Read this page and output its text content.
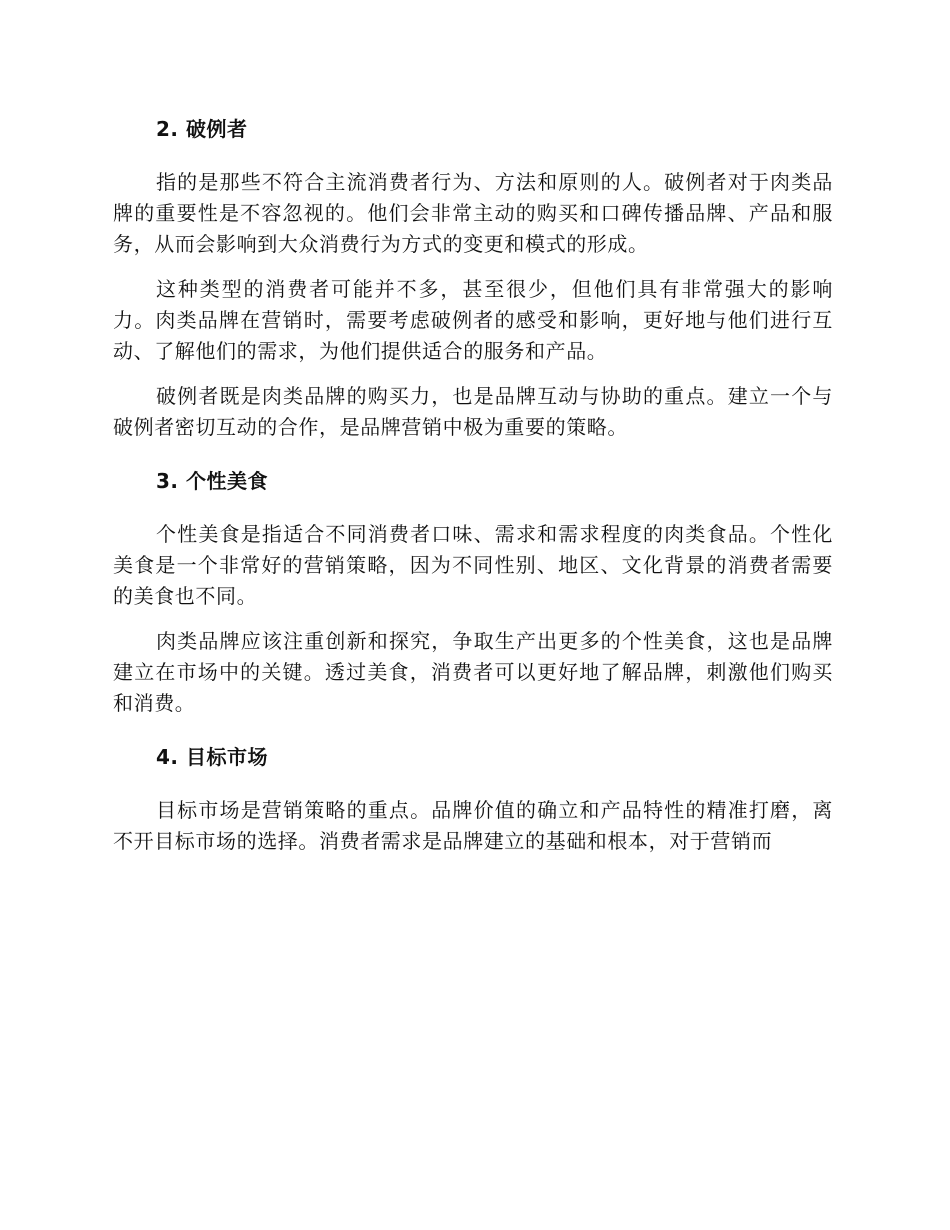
2. 破例者

指的是那些不符合主流消费者行为、方法和原则的人。破例者对于肉类品牌的重要性是不容忽视的。他们会非常主动的购买和口碑传播品牌、产品和服务，从而会影响到大众消费行为方式的变更和模式的形成。

这种类型的消费者可能并不多，甚至很少，但他们具有非常强大的影响力。肉类品牌在营销时，需要考虑破例者的感受和影响，更好地与他们进行互动、了解他们的需求，为他们提供适合的服务和产品。

破例者既是肉类品牌的购买力，也是品牌互动与协助的重点。建立一个与破例者密切互动的合作，是品牌营销中极为重要的策略。

3. 个性美食

个性美食是指适合不同消费者口味、需求和需求程度的肉类食品。个性化美食是一个非常好的营销策略，因为不同性别、地区、文化背景的消费者需要的美食也不同。

肉类品牌应该注重创新和探究，争取生产出更多的个性美食，这也是品牌建立在市场中的关键。透过美食，消费者可以更好地了解品牌，刺激他们购买和消费。

4. 目标市场

目标市场是营销策略的重点。品牌价值的确立和产品特性的精准打磨，离不开目标市场的选择。消费者需求是品牌建立的基础和根本，对于营销而
